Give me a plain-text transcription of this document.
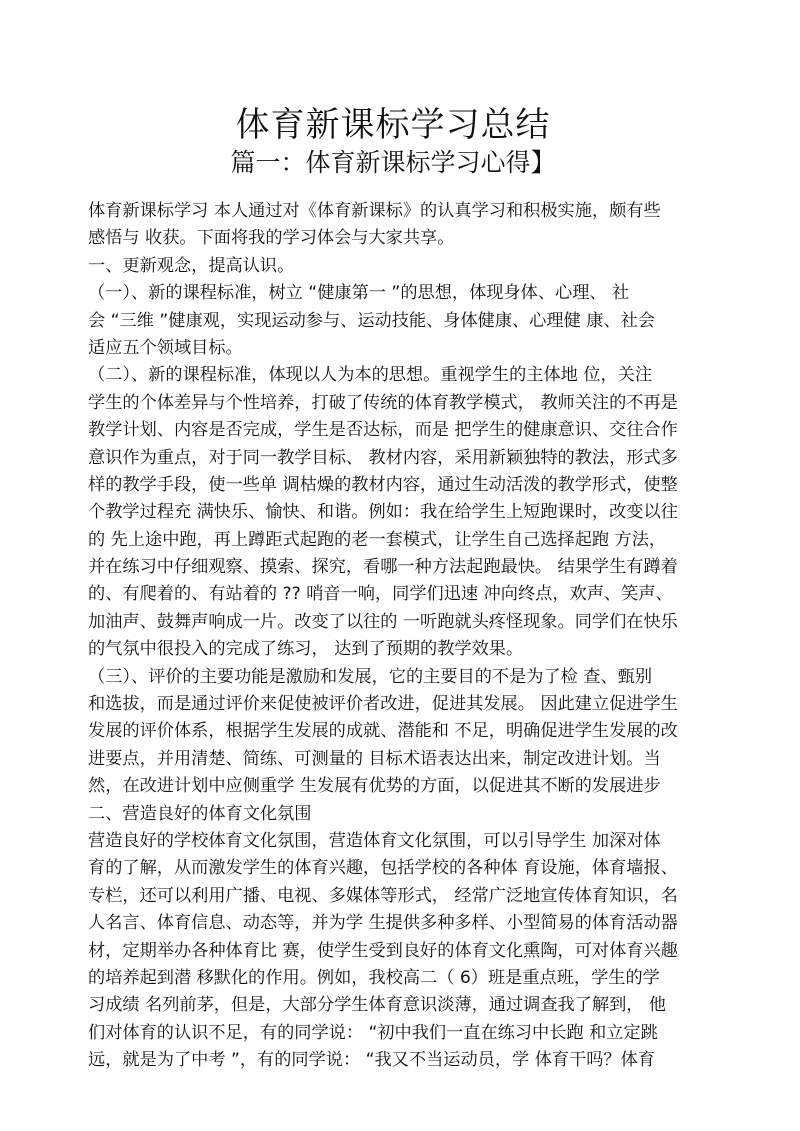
体育新课标学习总结
篇一：体育新课标学习心得】

体育新课标学习 本人通过对《体育新课标》的认真学习和积极实施，颇有些

感悟与 收获。下面将我的学习体会与大家共享。

一、更新观念，提高认识。

（一）、新的课程标准，树立 “健康第一 ”的思想，体现身体、心理、 社

会 “三维 ”健康观，实现运动参与、运动技能、身体健康、心理健 康、社会

适应五个领域目标。

（二）、新的课程标准，体现以人为本的思想。重视学生的主体地 位，关注

学生的个体差异与个性培养，打破了传统的体育教学模式， 教师关注的不再是

教学计划、内容是否完成，学生是否达标，而是 把学生的健康意识、交往合作

意识作为重点，对于同一教学目标、 教材内容，采用新颖独特的教法，形式多

样的教学手段，使一些单 调枯燥的教材内容，通过生动活泼的教学形式，使整

个教学过程充 满快乐、愉快、和谐。例如：我在给学生上短跑课时，改变以往

的 先上途中跑，再上蹲距式起跑的老一套模式，让学生自己选择起跑 方法，

并在练习中仔细观察、摸索、探究，看哪一种方法起跑最快。 结果学生有蹲着

的、有爬着的、有站着的 ?? 哨音一响，同学们迅速 冲向终点，欢声、笑声、

加油声、鼓舞声响成一片。改变了以往的 一听跑就头疼怪现象。同学们在快乐

的气氛中很投入的完成了练习， 达到了预期的教学效果。

（三）、评价的主要功能是激励和发展，它的主要目的不是为了检 查、甄别

和选拔，而是通过评价来促使被评价者改进，促进其发展。 因此建立促进学生

发展的评价体系，根据学生发展的成就、潜能和 不足，明确促进学生发展的改

进要点，并用清楚、简练、可测量的 目标术语表达出来，制定改进计划。当

然，在改进计划中应侧重学 生发展有优势的方面，以促进其不断的发展进步

二、营造良好的体育文化氛围

营造良好的学校体育文化氛围，营造体育文化氛围，可以引导学生 加深对体

育的了解，从而激发学生的体育兴趣，包括学校的各种体 育设施，体育墙报、

专栏，还可以利用广播、电视、多媒体等形式， 经常广泛地宣传体育知识，名

人名言、体育信息、动态等，并为学 生提供多种多样、小型简易的体育活动器

材，定期举办各种体育比 赛，使学生受到良好的体育文化熏陶，可对体育兴趣

的培养起到潜 移默化的作用。例如，我校高二（ 6）班是重点班，学生的学

习成绩 名列前茅，但是，大部分学生体育意识淡薄，通过调查我了解到， 他

们对体育的认识不足，有的同学说： “初中我们一直在练习中长跑 和立定跳

远，就是为了中考 ”，有的同学说： “我又不当运动员，学 体育干吗？体育
